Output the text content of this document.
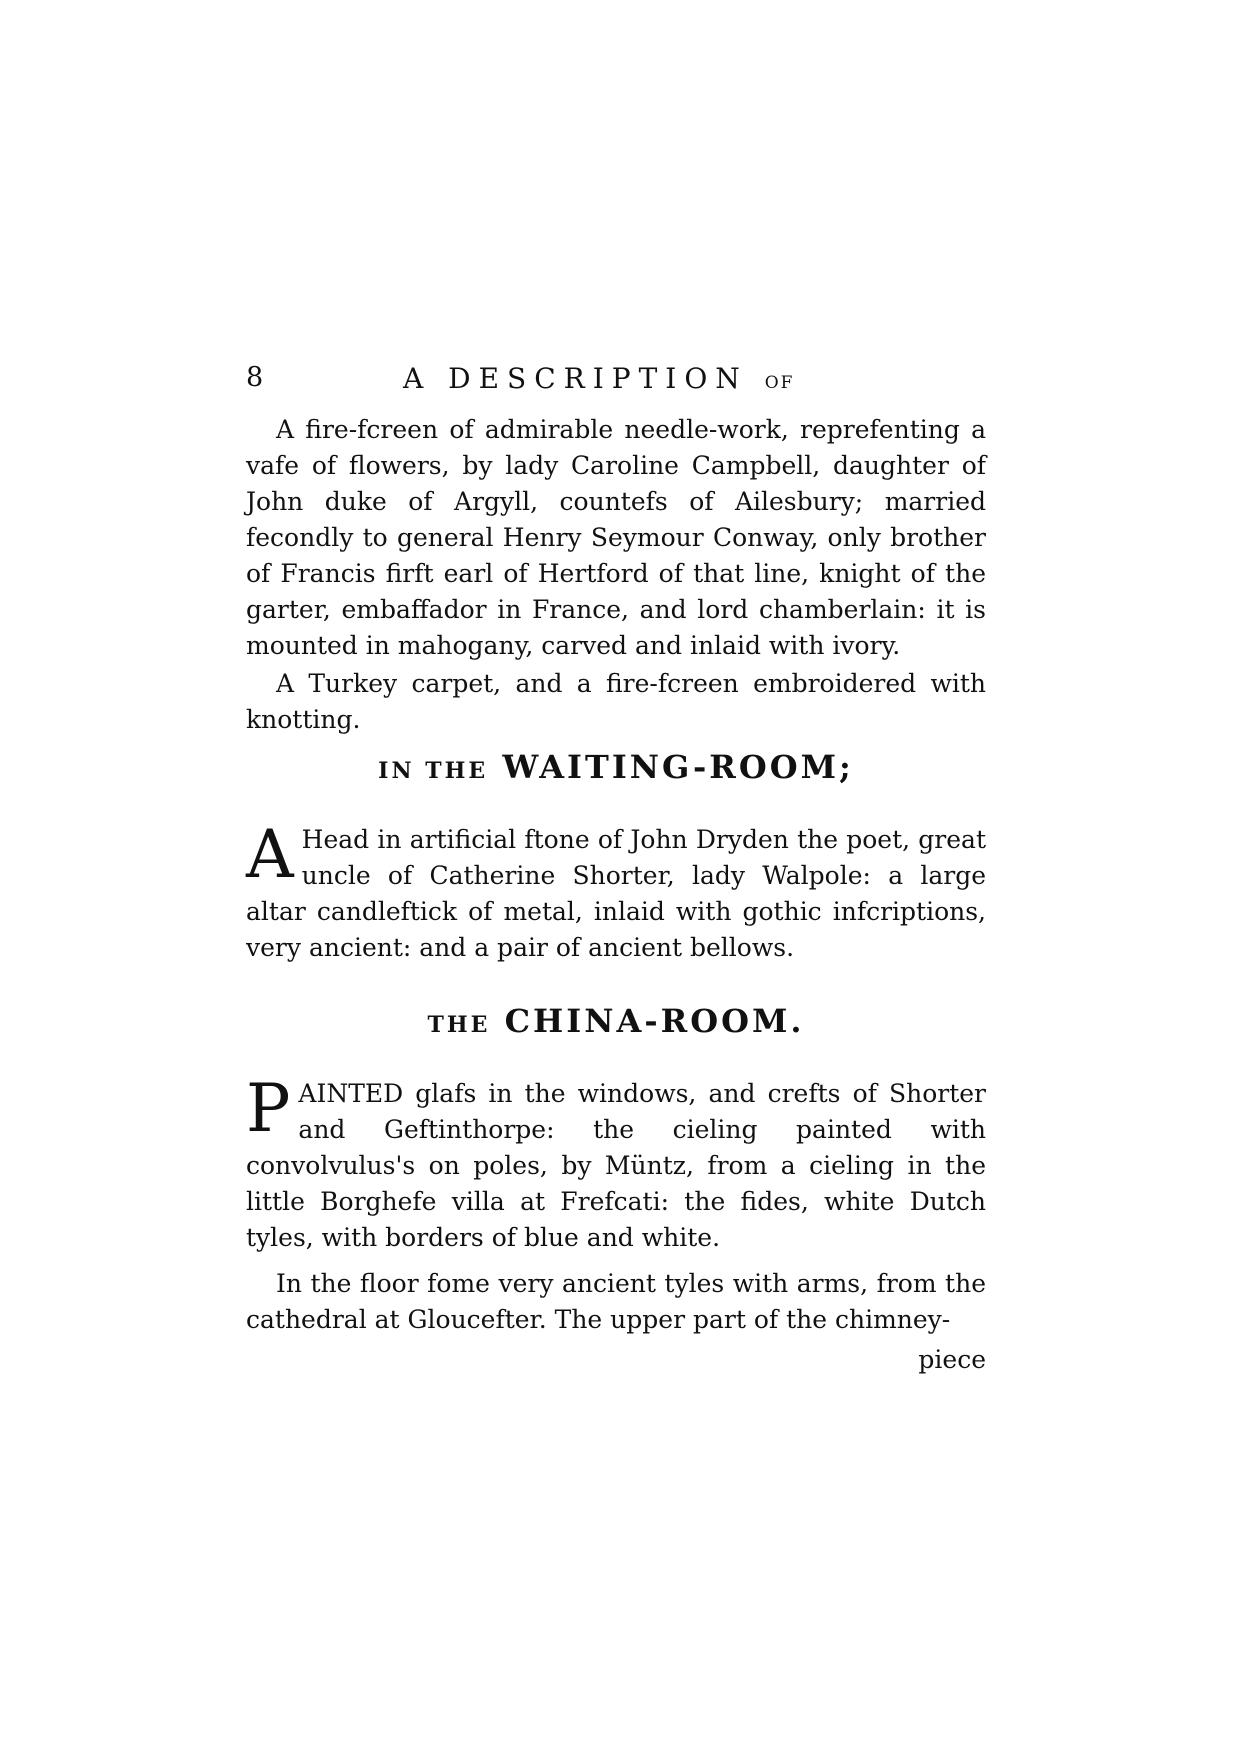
8	A DESCRIPTION OF

A fire-fcreen of admirable needle-work, reprefenting a vafe of flowers, by lady Caroline Campbell, daughter of John duke of Argyll, countefs of Ailesbury; married fecondly to general Henry Seymour Conway, only brother of Francis firft earl of Hertford of that line, knight of the garter, embaffador in France, and lord chamberlain: it is mounted in mahogany, carved and inlaid with ivory.

A Turkey carpet, and a fire-fcreen embroidered with knotting.

IN THE WAITING-ROOM;

A Head in artificial ftone of John Dryden the poet, great uncle of Catherine Shorter, lady Walpole: a large altar candleftick of metal, inlaid with gothic infcriptions, very ancient: and a pair of ancient bellows.

THE CHINA-ROOM.

PAINTED glafs in the windows, and crefts of Shorter and Geftinthorpe: the cieling painted with convolvulus's on poles, by Müntz, from a cieling in the little Borghefe villa at Frefcati: the fides, white Dutch tyles, with borders of blue and white.

In the floor fome very ancient tyles with arms, from the cathedral at Gloucefter. The upper part of the chimney-

piece
